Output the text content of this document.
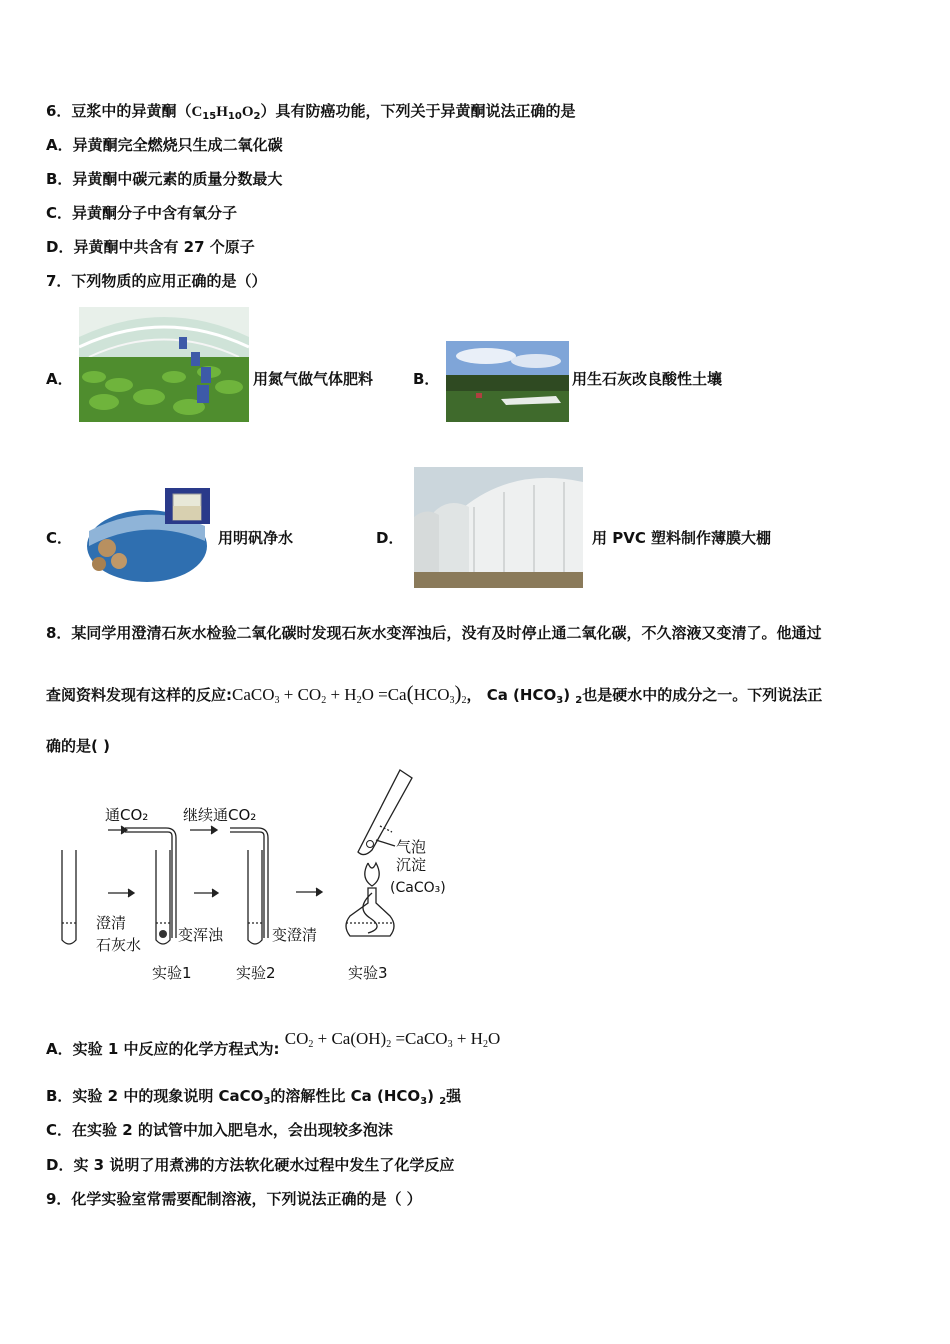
6．豆浆中的异黄酮$(C_{15}H_{10}O_2)$具有防癌功能，下列关于异黄酮说法正确的是
A．异黄酮完全燃烧只生成二氧化碳
B．异黄酮中碳元素的质量分数最大
C．异黄酮分子中含有氧分子
D．异黄酮中共含有 27 个原子
7．下列物质的应用正确的是（）
A．	用氮气做气体肥料	B．	用生石灰改良酸性土壤
C．	用明矾净水	D．	用 PVC 塑料制作薄膜大棚
8．某同学用澄清石灰水检验二氧化碳时发现石灰水变浑浊后，没有及时停止通二氧化碳，不久溶液又变清了。他通过
查阅资料发现有这样的反应:CaCO$_3$ + $CO_2 + H_2O =Ca(HCO_3)_2$， Ca $(HCO_3)$ $_2$也是硬水中的成分之一。下列说法正
确的是( )
通CO₂ 继续通CO₂
澄清
石灰水
变浑浊	变澄清
气泡
沉淀
(CaCO₃)
实验1	实验2	实验3
A．实验 1 中反应的化学方程式为: $CO_2 + Ca(OH)_2$ =CaCO$_3$ + $H_2O$
B．实验 2 中的现象说明 CaCO$_3$的溶解性比 Ca $(HCO_3)$ $_2$强
C．在实验 2 的试管中加入肥皂水，会出现较多泡沫
D．实 3 说明了用煮沸的方法软化硬水过程中发生了化学反应
9．化学实验室常需要配制溶液，下列说法正确的是（ ）
